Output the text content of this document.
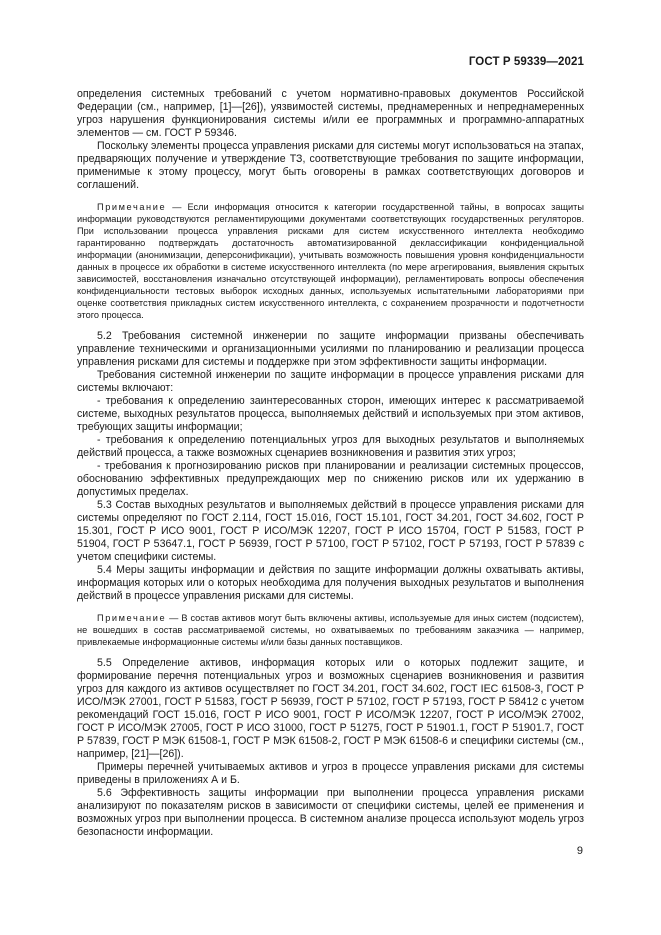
ГОСТ Р 59339—2021

определения системных требований с учетом нормативно-правовых документов Российской Федерации (см., например, [1]—[26]), уязвимостей системы, преднамеренных и непреднамеренных угроз нарушения функционирования системы и/или ее программных и программно-аппаратных элементов — см. ГОСТ Р 59346.

Поскольку элементы процесса управления рисками для системы могут использоваться на этапах, предваряющих получение и утверждение ТЗ, соответствующие требования по защите информации, применимые к этому процессу, могут быть оговорены в рамках соответствующих договоров и соглашений.

Примечание — Если информация относится к категории государственной тайны, в вопросах защиты информации руководствуются регламентирующими документами соответствующих государственных регуляторов. При использовании процесса управления рисками для систем искусственного интеллекта необходимо гарантированно подтверждать достаточность автоматизированной деклассификации конфиденциальной информации (анонимизации, деперсонификации), учитывать возможность повышения уровня конфиденциальности данных в процессе их обработки в системе искусственного интеллекта (по мере агрегирования, выявления скрытых зависимостей, восстановления изначально отсутствующей информации), регламентировать вопросы обеспечения конфиденциальности тестовых выборок исходных данных, используемых испытательными лабораториями при оценке соответствия прикладных систем искусственного интеллекта, с сохранением прозрачности и подотчетности этого процесса.

5.2 Требования системной инженерии по защите информации призваны обеспечивать управление техническими и организационными усилиями по планированию и реализации процесса управления рисками для системы и поддержке при этом эффективности защиты информации.

Требования системной инженерии по защите информации в процессе управления рисками для системы включают:

- требования к определению заинтересованных сторон, имеющих интерес к рассматриваемой системе, выходных результатов процесса, выполняемых действий и используемых при этом активов, требующих защиты информации;

- требования к определению потенциальных угроз для выходных результатов и выполняемых действий процесса, а также возможных сценариев возникновения и развития этих угроз;

- требования к прогнозированию рисков при планировании и реализации системных процессов, обоснованию эффективных предупреждающих мер по снижению рисков или их удержанию в допустимых пределах.

5.3 Состав выходных результатов и выполняемых действий в процессе управления рисками для системы определяют по ГОСТ 2.114, ГОСТ 15.016, ГОСТ 15.101, ГОСТ 34.201, ГОСТ 34.602, ГОСТ Р 15.301, ГОСТ Р ИСО 9001, ГОСТ Р ИСО/МЭК 12207, ГОСТ Р ИСО 15704, ГОСТ Р 51583, ГОСТ Р 51904, ГОСТ Р 53647.1, ГОСТ Р 56939, ГОСТ Р 57100, ГОСТ Р 57102, ГОСТ Р 57193, ГОСТ Р 57839 с учетом специфики системы.

5.4 Меры защиты информации и действия по защите информации должны охватывать активы, информация которых или о которых необходима для получения выходных результатов и выполнения действий в процессе управления рисками для системы.

Примечание — В состав активов могут быть включены активы, используемые для иных систем (подсистем), не вошедших в состав рассматриваемой системы, но охватываемых по требованиям заказчика — например, привлекаемые информационные системы и/или базы данных поставщиков.

5.5 Определение активов, информация которых или о которых подлежит защите, и формирование перечня потенциальных угроз и возможных сценариев возникновения и развития угроз для каждого из активов осуществляет по ГОСТ 34.201, ГОСТ 34.602, ГОСТ IEC 61508-3, ГОСТ Р ИСО/МЭК 27001, ГОСТ Р 51583, ГОСТ Р 56939, ГОСТ Р 57102, ГОСТ Р 57193, ГОСТ Р 58412 с учетом рекомендаций ГОСТ 15.016, ГОСТ Р ИСО 9001, ГОСТ Р ИСО/МЭК 12207, ГОСТ Р ИСО/МЭК 27002, ГОСТ Р ИСО/МЭК 27005, ГОСТ Р ИСО 31000, ГОСТ Р 51275, ГОСТ Р 51901.1, ГОСТ Р 51901.7, ГОСТ Р 57839, ГОСТ Р МЭК 61508-1, ГОСТ Р МЭК 61508-2, ГОСТ Р МЭК 61508-6 и специфики системы (см., например, [21]—[26]).

Примеры перечней учитываемых активов и угроз в процессе управления рисками для системы приведены в приложениях А и Б.

5.6 Эффективность защиты информации при выполнении процесса управления рисками анализируют по показателям рисков в зависимости от специфики системы, целей ее применения и возможных угроз при выполнении процесса. В системном анализе процесса используют модель угроз безопасности информации.

9
